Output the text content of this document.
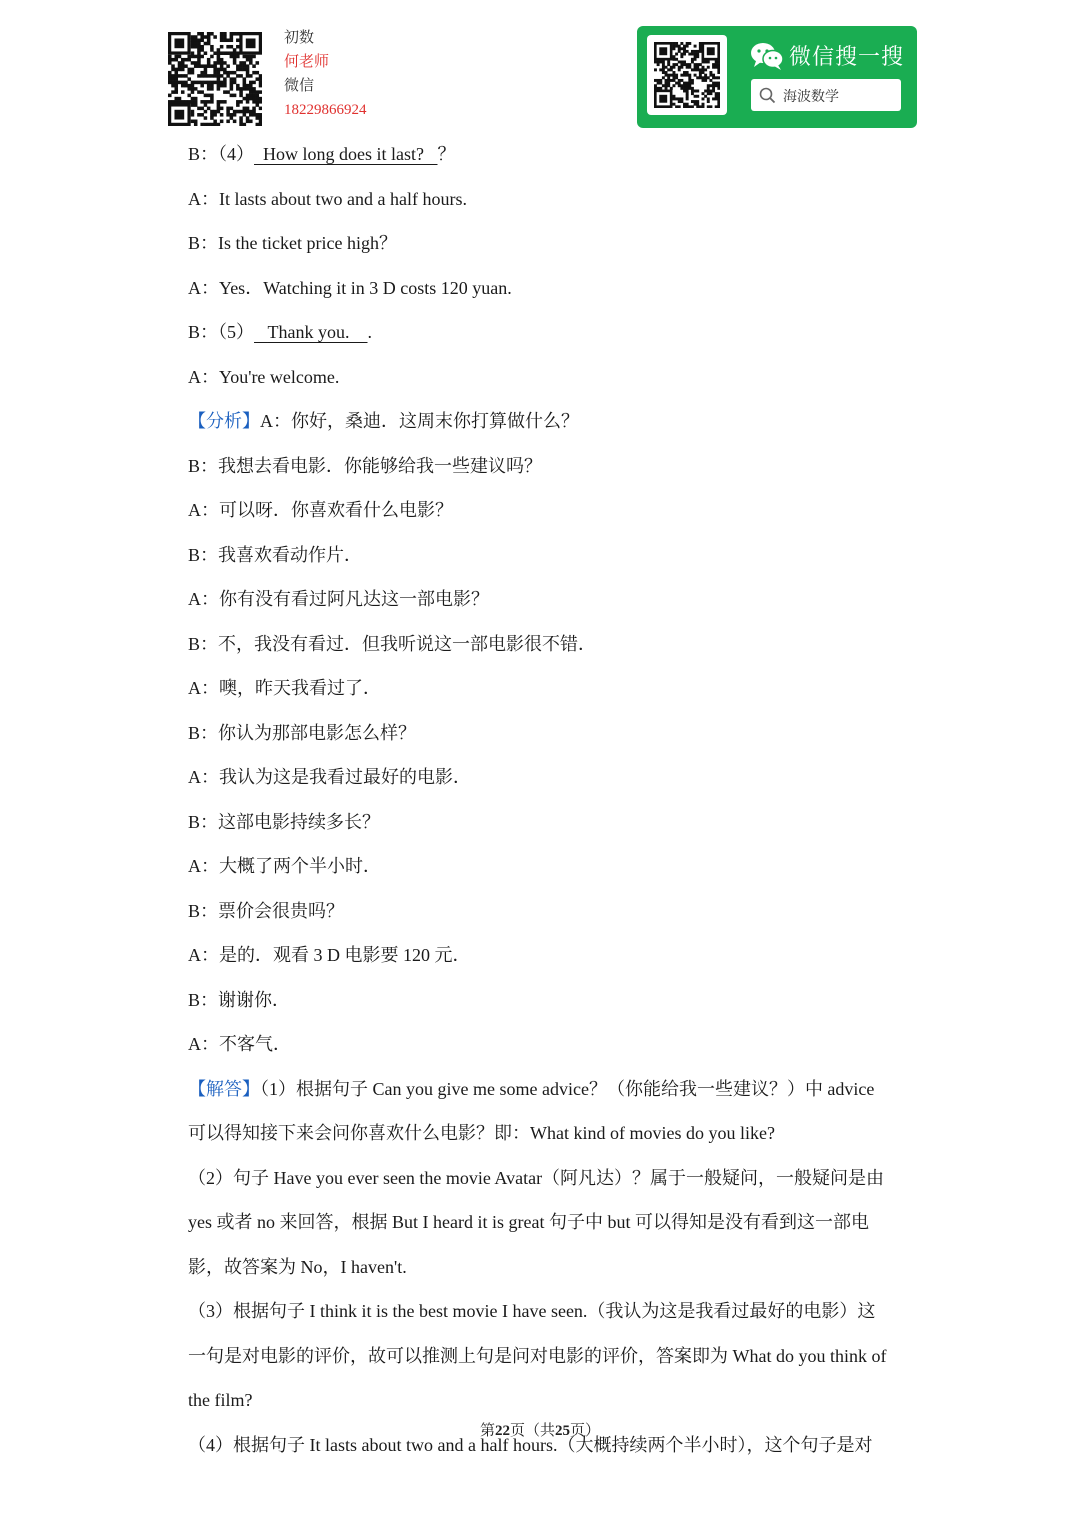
初数
何老师
微信
18229866924
微信搜一搜
海波数学
B：（4） How long does it last? ？
A：It lasts about two and a half hours.
B：Is the ticket price high？
A：Yes．Watching it in 3 D costs 120 yuan.
B：（5） Thank you. .
A：You're welcome.
【分析】A：你好，桑迪．这周末你打算做什么？
B：我想去看电影．你能够给我一些建议吗？
A：可以呀．你喜欢看什么电影？
B：我喜欢看动作片．
A：你有没有看过阿凡达这一部电影？
B：不，我没有看过．但我听说这一部电影很不错．
A：噢，昨天我看过了．
B：你认为那部电影怎么样？
A：我认为这是我看过最好的电影．
B：这部电影持续多长？
A：大概了两个半小时．
B：票价会很贵吗？
A：是的．观看 3 D 电影要 120 元．
B：谢谢你．
A：不客气．
【解答】（1）根据句子 Can you give me some advice？（你能给我一些建议？）中 advice
可以得知接下来会问你喜欢什么电影？即：What kind of movies do you like?
（2）句子 Have you ever seen the movie Avatar（阿凡达）？属于一般疑问，一般疑问是由
yes 或者 no 来回答，根据 But I heard it is great 句子中 but 可以得知是没有看到这一部电
影，故答案为 No，I haven't.
（3）根据句子 I think it is the best movie I have seen.（我认为这是我看过最好的电影）这
一句是对电影的评价，故可以推测上句是问对电影的评价，答案即为 What do you think of
the film?
（4）根据句子 It lasts about two and a half hours.（大概持续两个半小时），这个句子是对
第22页（共25页）
